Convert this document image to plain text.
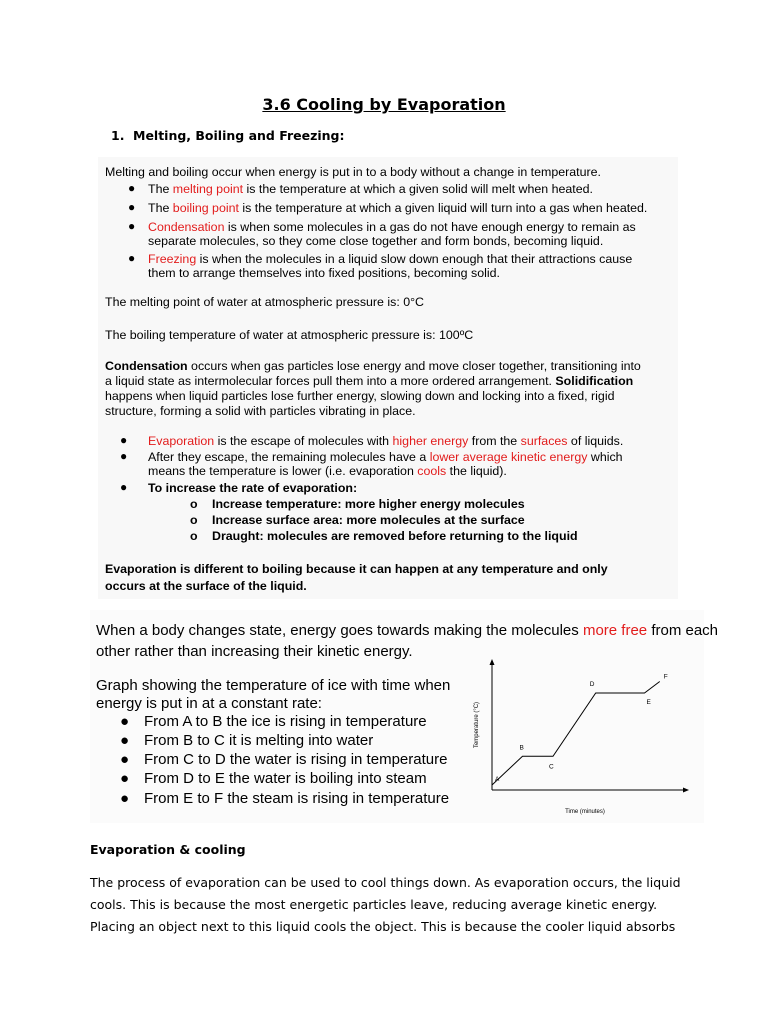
3.6 Cooling by Evaporation
1. Melting, Boiling and Freezing:
Melting and boiling occur when energy is put in to a body without a change in temperature.
● The melting point is the temperature at which a given solid will melt when heated.
● The boiling point is the temperature at which a given liquid will turn into a gas when heated.
● Condensation is when some molecules in a gas do not have enough energy to remain as
separate molecules, so they come close together and form bonds, becoming liquid.
● Freezing is when the molecules in a liquid slow down enough that their attractions cause
them to arrange themselves into fixed positions, becoming solid.
The melting point of water at atmospheric pressure is: 0°C
The boiling temperature of water at atmospheric pressure is: 100ºC
Condensation occurs when gas particles lose energy and move closer together, transitioning into
a liquid state as intermolecular forces pull them into a more ordered arrangement. Solidification
happens when liquid particles lose further energy, slowing down and locking into a fixed, rigid
structure, forming a solid with particles vibrating in place.
● Evaporation is the escape of molecules with higher energy from the surfaces of liquids.
● After they escape, the remaining molecules have a lower average kinetic energy which
means the temperature is lower (i.e. evaporation cools the liquid).
● To increase the rate of evaporation:
o Increase temperature: more higher energy molecules
o Increase surface area: more molecules at the surface
o Draught: molecules are removed before returning to the liquid
Evaporation is different to boiling because it can happen at any temperature and only
occurs at the surface of the liquid.
When a body changes state, energy goes towards making the molecules more free from each
other rather than increasing their kinetic energy.
Graph showing the temperature of ice with time when
energy is put in at a constant rate:
● From A to B the ice is rising in temperature
● From B to C it is melting into water
● From C to D the water is rising in temperature
● From D to E the water is boiling into steam
● From E to F the steam is rising in temperature
Temperature (°C)
Time (minutes)
A
B
C
D
E
F
Evaporation & cooling
The process of evaporation can be used to cool things down. As evaporation occurs, the liquid
cools. This is because the most energetic particles leave, reducing average kinetic energy.
Placing an object next to this liquid cools the object. This is because the cooler liquid absorbs
